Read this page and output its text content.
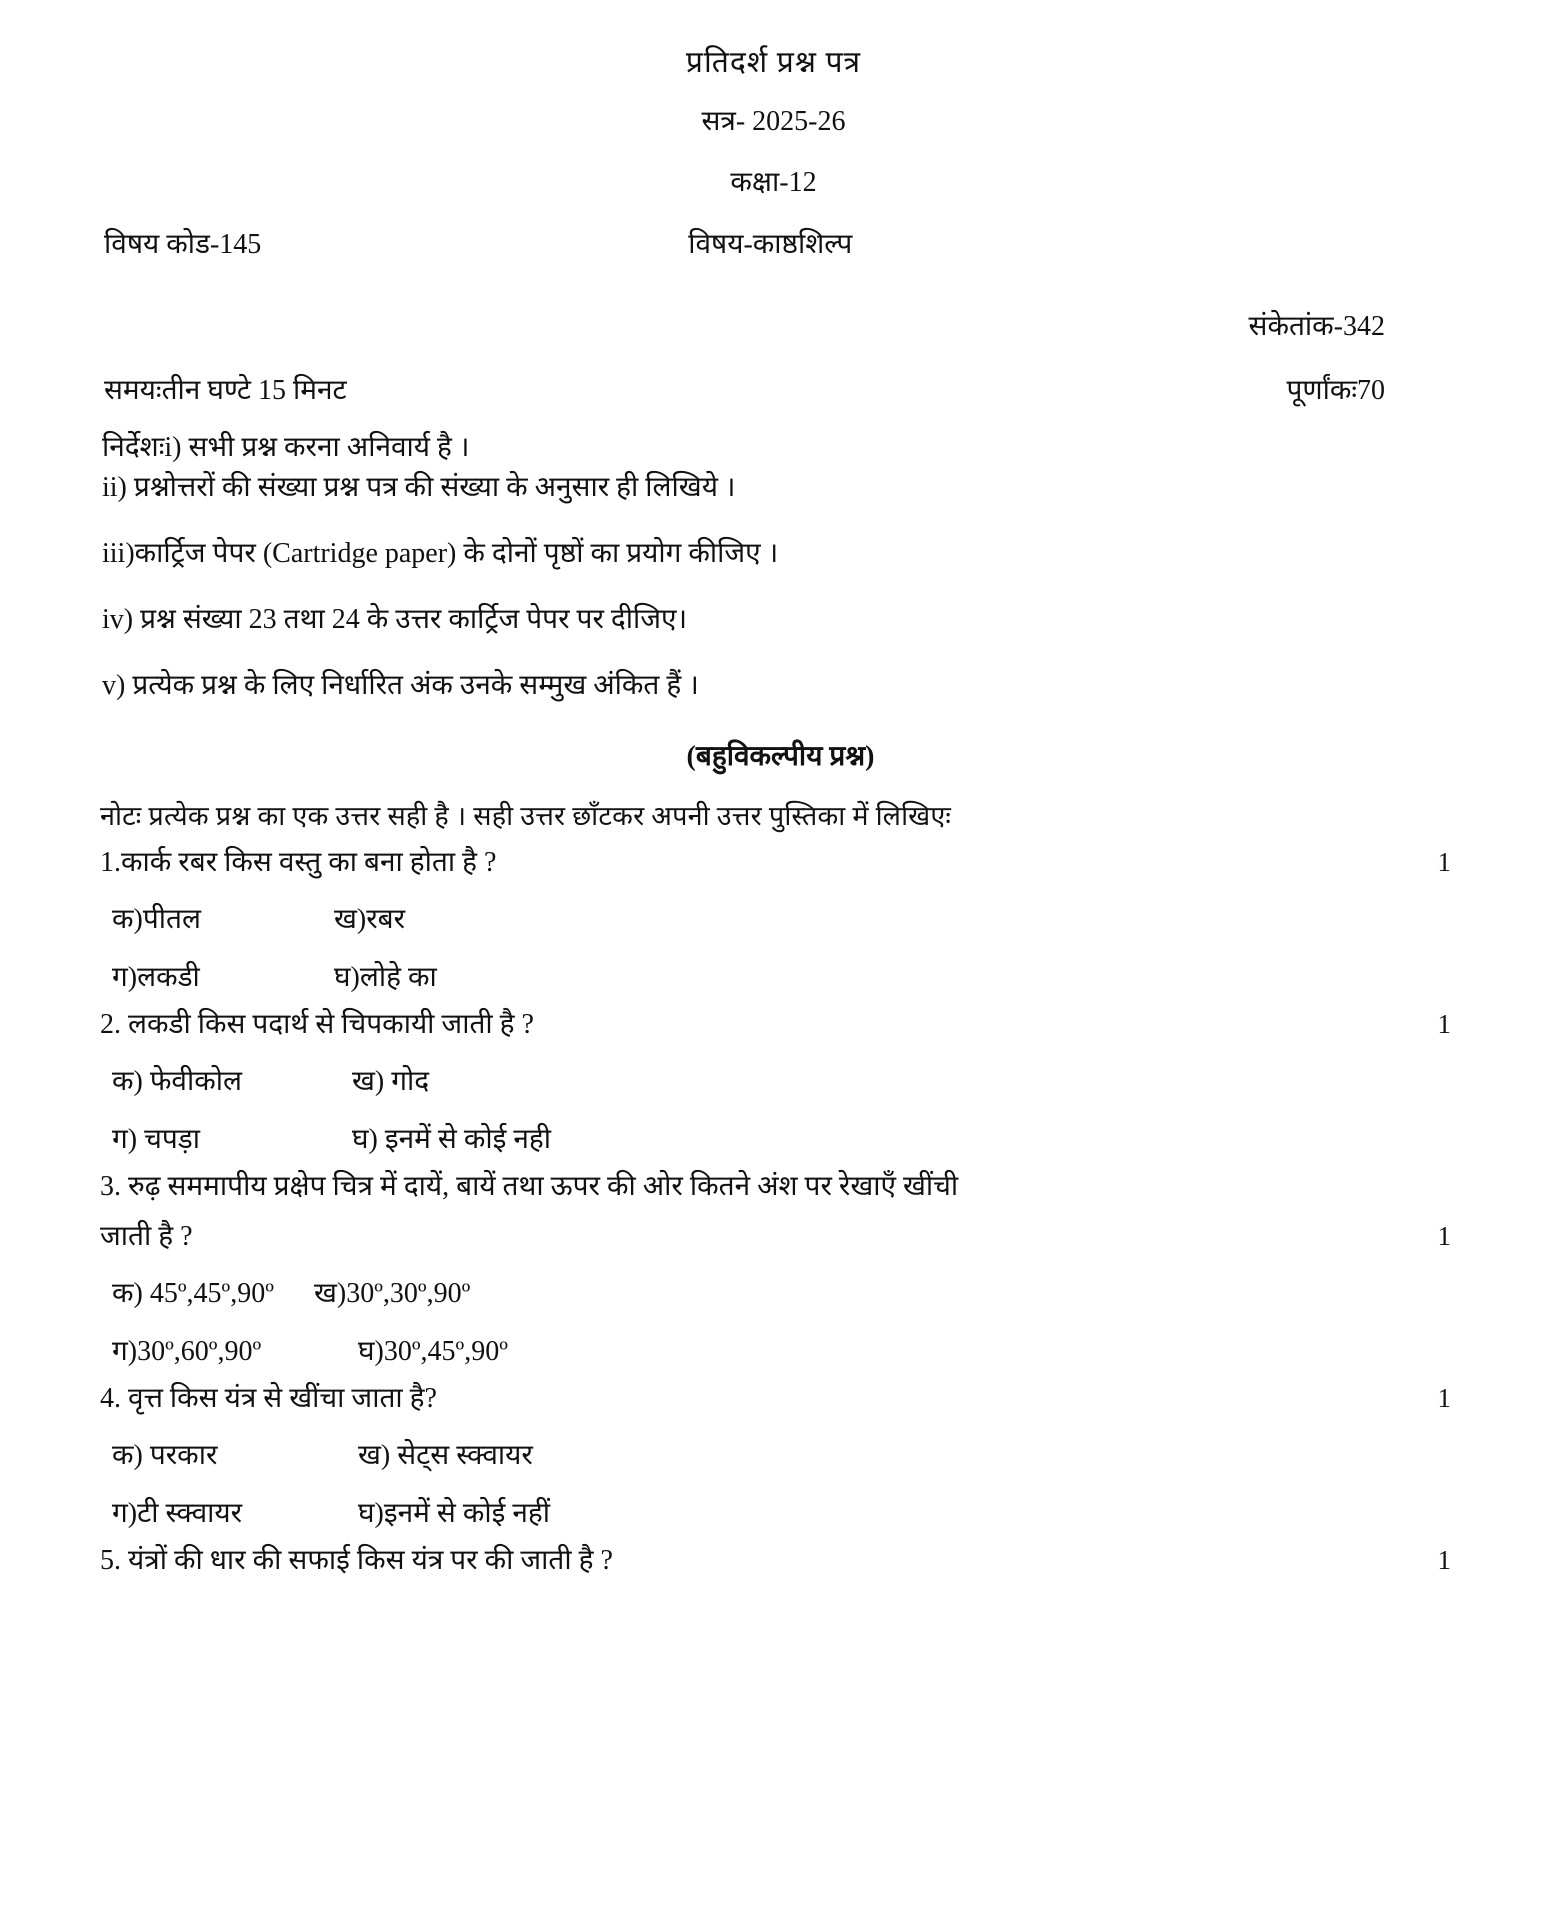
प्रतिदर्श प्रश्न पत्र
सत्र- 2025-26
कक्षा-12
विषय कोड-145	विषय-काष्ठशिल्प
संकेतांक-342
समयःतीन घण्टे 15 मिनट	पूर्णांकः70
निर्देशःi) सभी प्रश्न करना अनिवार्य है ।
ii) प्रश्नोत्तरों की संख्या प्रश्न पत्र की संख्या के अनुसार ही लिखिये ।
iii)कार्ट्रिज पेपर (Cartridge paper) के दोनों पृष्ठों का प्रयोग कीजिए ।
iv) प्रश्न संख्या 23 तथा 24 के उत्तर कार्ट्रिज पेपर पर दीजिए।
v) प्रत्येक प्रश्न के लिए निर्धारित अंक उनके सम्मुख अंकित हैं ।
(बहुविकल्पीय प्रश्न)
नोटः प्रत्येक प्रश्न का एक उत्तर सही है । सही उत्तर छाँटकर अपनी उत्तर पुस्तिका में लिखिएः
1.कार्क रबर किस वस्तु का बना होता है ?	1
क)पीतल	ख)रबर
ग)लकडी	घ)लोहे का
2. लकडी किस पदार्थ से चिपकायी जाती है ?	1
क) फेवीकोल	ख) गोद
ग) चपड़ा	घ) इनमें से कोई नही
3. रुढ़ सममापीय प्रक्षेप चित्र में दायें, बायें तथा ऊपर की ओर कितने अंश पर रेखाएँ खींची
जाती है ?	1
क) 45º,45º,90º ख)30º,30º,90º
ग)30º,60º,90º	घ)30º,45º,90º
4. वृत्त किस यंत्र से खींचा जाता है?	1
क) परकार	ख) सेट्स स्क्वायर
ग)टी स्क्वायर	घ)इनमें से कोई नहीं
5. यंत्रों की धार की सफाई किस यंत्र पर की जाती है ?	1
